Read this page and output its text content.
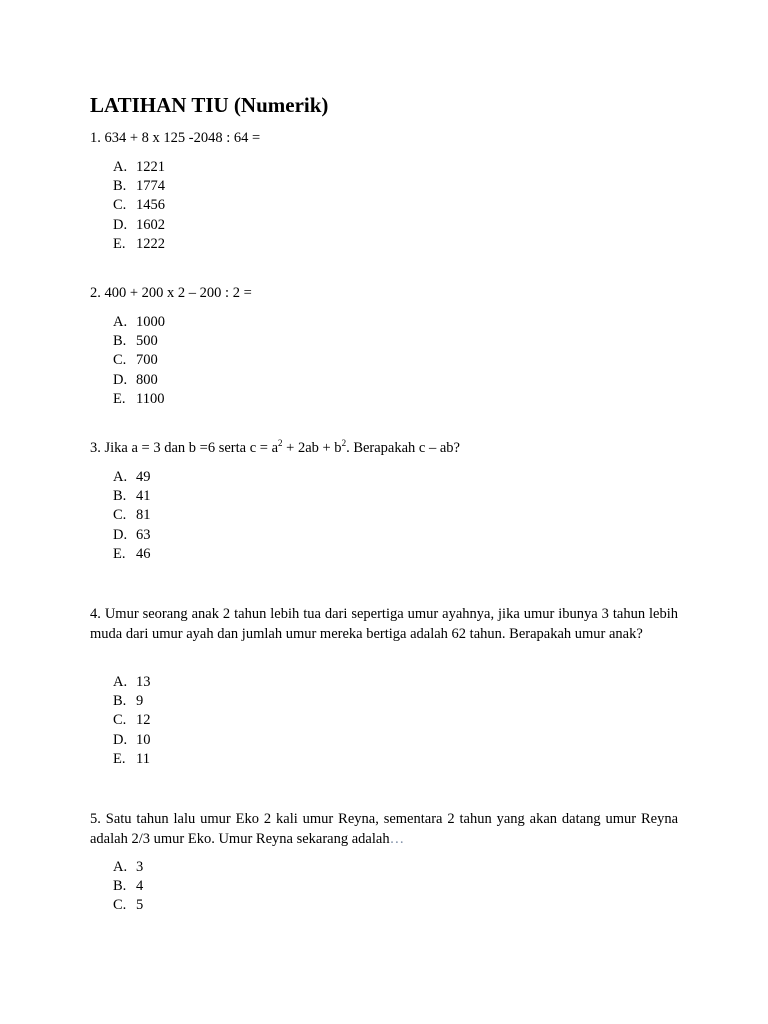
LATIHAN TIU (Numerik)

1. 634 + 8 x 125 -2048 : 64 =

A. 1221
B. 1774
C. 1456
D. 1602
E. 1222

2. 400 + 200 x 2 – 200 : 2 =

A. 1000
B. 500
C. 700
D. 800
E. 1100

3. Jika a = 3 dan b =6 serta $c = a^2 + 2ab + b^2$. Berapakah c – ab?

A. 49
B. 41
C. 81
D. 63
E. 46

4. Umur seorang anak 2 tahun lebih tua dari sepertiga umur ayahnya, jika umur ibunya 3 tahun lebih muda dari umur ayah dan jumlah umur mereka bertiga adalah 62 tahun. Berapakah umur anak?

A. 13
B. 9
C. 12
D. 10
E. 11

5. Satu tahun lalu umur Eko 2 kali umur Reyna, sementara 2 tahun yang akan datang umur Reyna adalah 2/3 umur Eko. Umur Reyna sekarang adalah…

A. 3
B. 4
C. 5
